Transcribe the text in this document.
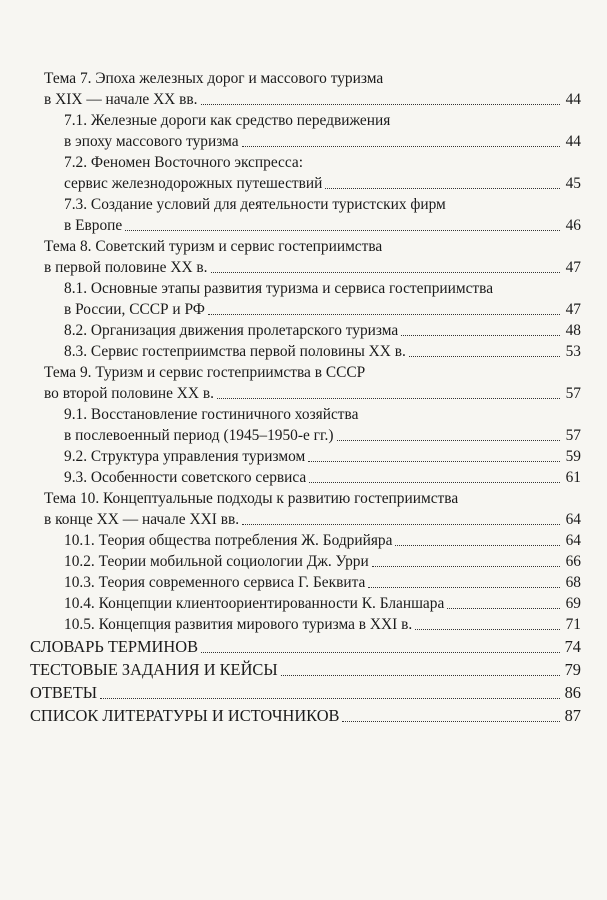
Тема 7. Эпоха железных дорог и массового туризма
в XIX — начале XX вв.	44
7.1. Железные дороги как средство передвижения
в эпоху массового туризма	44
7.2. Феномен Восточного экспресса:
сервис железнодорожных путешествий	45
7.3. Создание условий для деятельности туристских фирм
в Европе	46
Тема 8. Советский туризм и сервис гостеприимства
в первой половине XX в.	47
8.1. Основные этапы развития туризма и сервиса гостеприимства
в России, СССР и РФ	47
8.2. Организация движения пролетарского туризма	48
8.3. Сервис гостеприимства первой половины XX в.	53
Тема 9. Туризм и сервис гостеприимства в СССР
во второй половине XX в.	57
9.1. Восстановление гостиничного хозяйства
в послевоенный период (1945–1950-е гг.)	57
9.2. Структура управления туризмом	59
9.3. Особенности советского сервиса	61
Тема 10. Концептуальные подходы к развитию гостеприимства
в конце XX — начале XXI вв.	64
10.1. Теория общества потребления Ж. Бодрийяра	64
10.2. Теории мобильной социологии Дж. Урри	66
10.3. Теория современного сервиса Г. Беквита	68
10.4. Концепции клиентоориентированности К. Бланшара	69
10.5. Концепция развития мирового туризма в XXI в.	71
СЛОВАРЬ ТЕРМИНОВ	74
ТЕСТОВЫЕ ЗАДАНИЯ И КЕЙСЫ	79
ОТВЕТЫ	86
СПИСОК ЛИТЕРАТУРЫ И ИСТОЧНИКОВ	87
